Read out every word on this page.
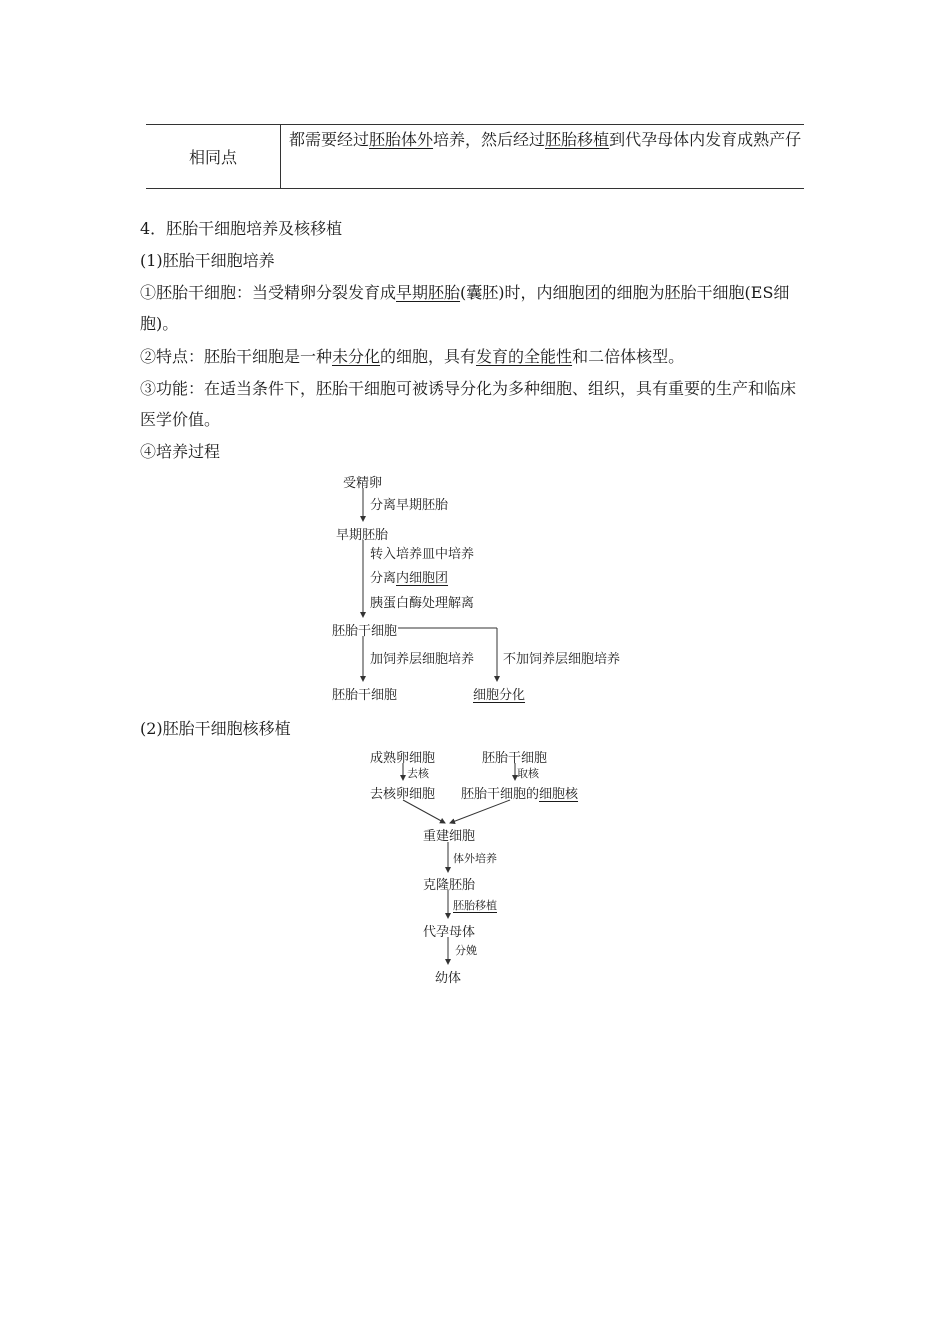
相同点
都需要经过胚胎体外培养，然后经过胚胎移植到代孕母体内发育成熟产仔
4．胚胎干细胞培养及核移植
(1)胚胎干细胞培养
①胚胎干细胞：当受精卵分裂发育成早期胚胎(囊胚)时，内细胞团的细胞为胚胎干细胞(ES细胞)。
②特点：胚胎干细胞是一种未分化的细胞，具有发育的全能性和二倍体核型。
③功能：在适当条件下，胚胎干细胞可被诱导分化为多种细胞、组织，具有重要的生产和临床医学价值。
④培养过程
受精卵
分离早期胚胎
早期胚胎
转入培养皿中培养
分离内细胞团
胰蛋白酶处理解离
胚胎干细胞
加饲养层细胞培养 不加饲养层细胞培养
胚胎干细胞	细胞分化
(2)胚胎干细胞核移植
成熟卵细胞
去核
去核卵细胞
胚胎干细胞
取核
胚胎干细胞的细胞核
重建细胞
体外培养
克隆胚胎
胚胎移植
代孕母体
分娩
幼体
